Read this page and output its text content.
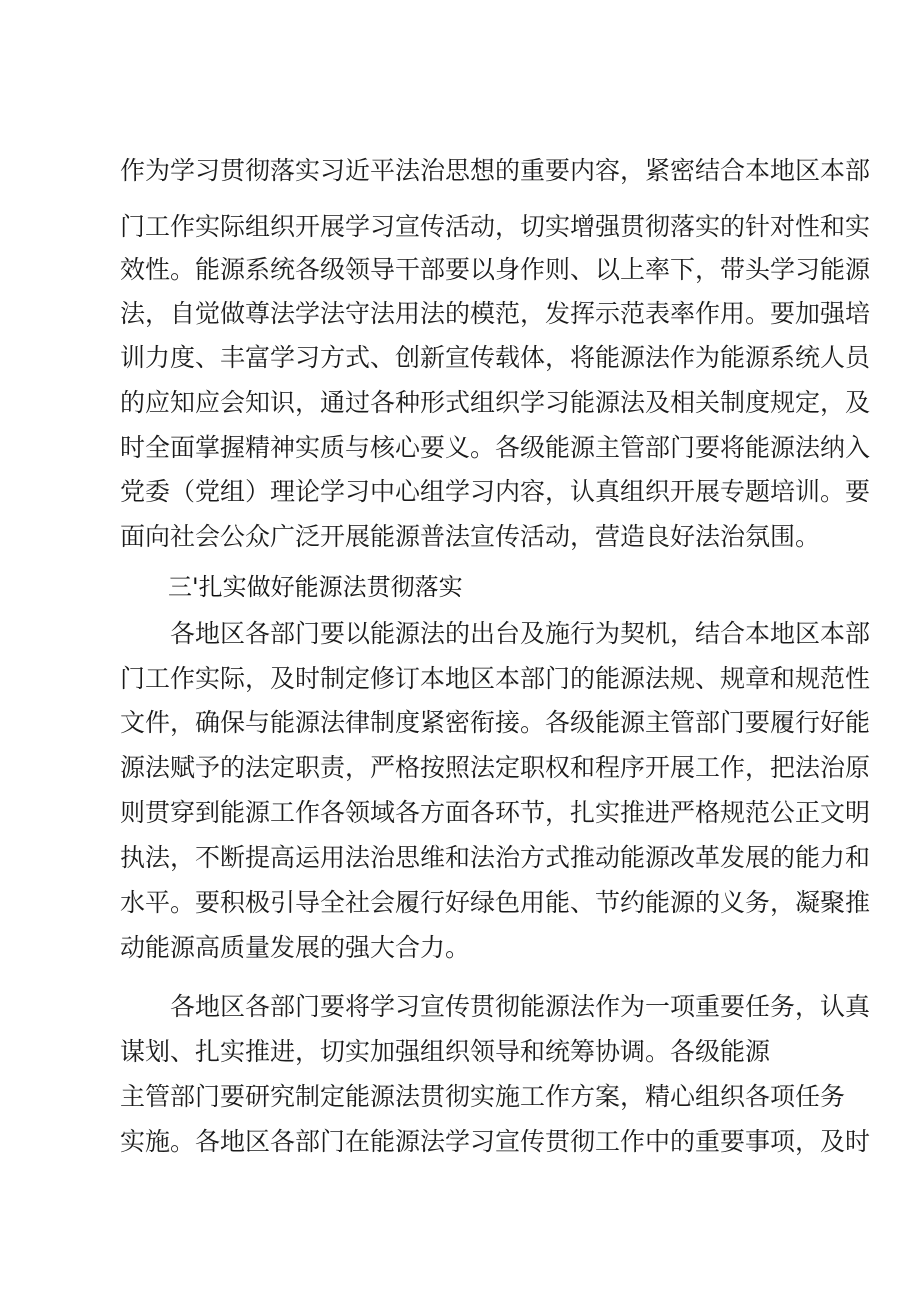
作为学习贯彻落实习近平法治思想的重要内容，紧密结合本地区本部
门工作实际组织开展学习宣传活动，切实增强贯彻落实的针对性和实
效性。能源系统各级领导干部要以身作则、以上率下，带头学习能源
法，自觉做尊法学法守法用法的模范，发挥示范表率作用。要加强培
训力度、丰富学习方式、创新宣传载体，将能源法作为能源系统人员
的应知应会知识，通过各种形式组织学习能源法及相关制度规定，及
时全面掌握精神实质与核心要义。各级能源主管部门要将能源法纳入
党委（党组）理论学习中心组学习内容，认真组织开展专题培训。要
面向社会公众广泛开展能源普法宣传活动，营造良好法治氛围。
三'扎实做好能源法贯彻落实
各地区各部门要以能源法的出台及施行为契机，结合本地区本部
门工作实际，及时制定修订本地区本部门的能源法规、规章和规范性
文件，确保与能源法律制度紧密衔接。各级能源主管部门要履行好能
源法赋予的法定职责，严格按照法定职权和程序开展工作，把法治原
则贯穿到能源工作各领域各方面各环节，扎实推进严格规范公正文明
执法，不断提高运用法治思维和法治方式推动能源改革发展的能力和
水平。要积极引导全社会履行好绿色用能、节约能源的义务，凝聚推
动能源高质量发展的强大合力。
各地区各部门要将学习宣传贯彻能源法作为一项重要任务，认真
谋划、扎实推进，切实加强组织领导和统筹协调。各级能源
主管部门要研究制定能源法贯彻实施工作方案，精心组织各项任务
实施。各地区各部门在能源法学习宣传贯彻工作中的重要事项，及时
